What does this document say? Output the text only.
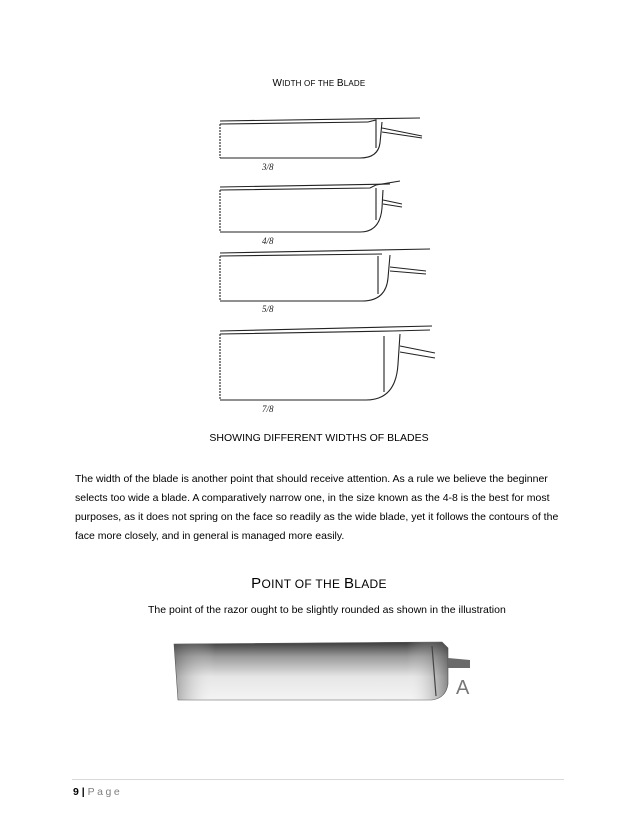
WIDTH OF THE BLADE
3/8
4/8
5/8
7/8
SHOWING DIFFERENT WIDTHS OF BLADES
The width of the blade is another point that should receive attention. As a rule we believe the beginner selects too wide a blade. A comparatively narrow one, in the size known as the 4-8 is the best for most purposes, as it does not spring on the face so readily as the wide blade, yet it follows the contours of the face more closely, and in general is managed more easily.
POINT OF THE BLADE
The point of the razor ought to be slightly rounded as shown in the illustration
A
9 | Page
